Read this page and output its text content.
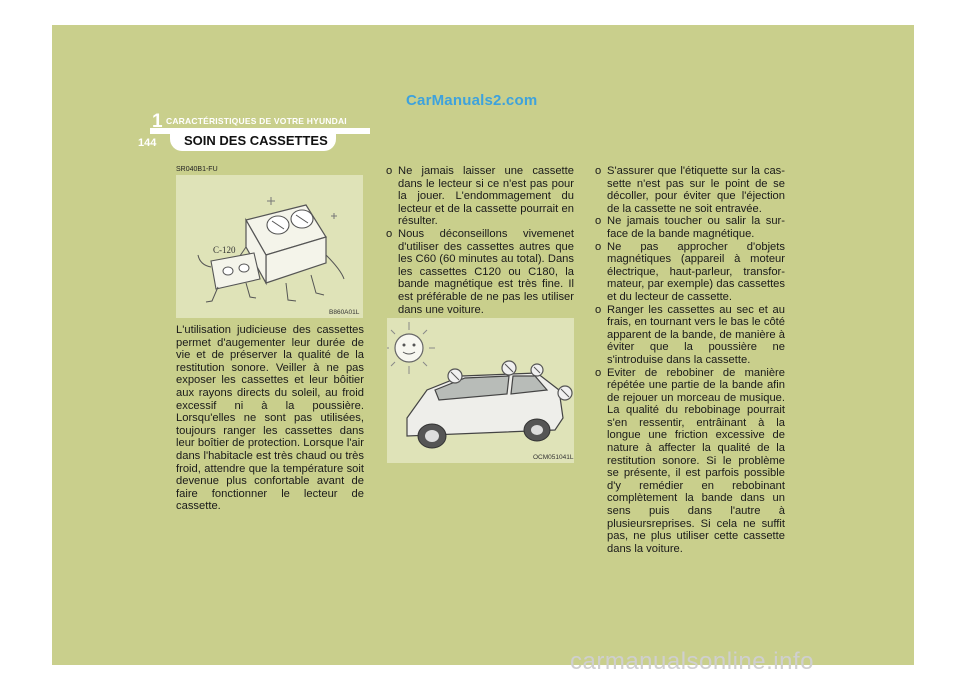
CarManuals2.com
1 CARACTÉRISTIQUES DE VOTRE HYUNDAI
144 SOIN DES CASSETTES
SR040B1-FU
C-120
B860A01L

L'utilisation judicieuse des cassettes permet d'augementer leur durée de vie et de préserver la qualité de la restitution sonore. Veiller à ne pas exposer les cassettes et leur bôitier aux rayons directs du soleil, au froid excessif ni à la poussière. Lorsqu'elles ne sont pas utilisées, toujours ranger les cassettes dans leur boîtier de protection. Lorsque l'air dans l'habitacle est très chaud ou très froid, attendre que la température soit devenue plus confortable avant de faire fonctionner le lecteur de cassette.

o Ne jamais laisser une cassette dans le lecteur si ce n'est pas pour la jouer. L'endommagement du lecteur et de la cassette pourrait en résulter.

o Nous déconseillons vivemenet d'utiliser des cassettes autres que les C60 (60 minutes au total). Dans les cassettes C120 ou C180, la bande magnétique est très fine. Il est préférable de ne pas les utiliser dans une voiture.

OCM051041L

o S'assurer que l'étiquette sur la cas-sette n'est pas sur le point de se décoller, pour éviter que l'éjection de la cassette ne soit entravée.

o Ne jamais toucher ou salir la sur-face de la bande magnétique.

o Ne pas approcher d'objets magnétiques (appareil à moteur électrique, haut-parleur, transfor-mateur, par exemple) das cassettes et du lecteur de cassette.

o Ranger les cassettes au sec et au frais, en tournant vers le bas le côté apparent de la bande, de manière à éviter que la poussière ne s'introduise dans la cassette.

o Eviter de rebobiner de manière répétée une partie de la bande afin de rejouer un morceau de musique. La qualité du rebobinage pourrait s'en ressentir, entrâinant à la longue une friction excessive de nature à affecter la qualité de la restitution sonore. Si le problème se présente, il est parfois possible d'y remédier en rebobinant complètement la bande dans un sens puis dans l'autre à plusieursreprises. Si cela ne suffit pas, ne plus utiliser cette cassette dans la voiture.

carmanualsonline.info
